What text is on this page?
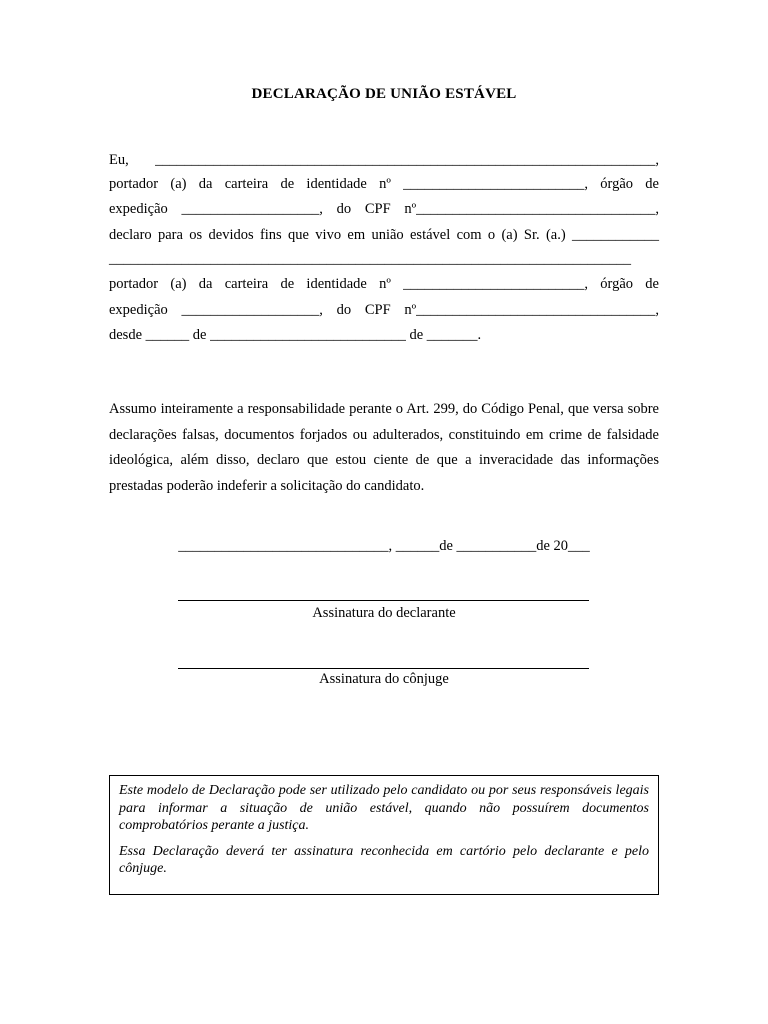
DECLARAÇÃO DE UNIÃO ESTÁVEL

Eu, _____________________________________________________________________,

portador (a) da carteira de identidade nº _________________________, órgão de

expedição ___________________, do CPF nº_________________________________,

declaro para os devidos fins que vivo em união estável com o (a) Sr. (a.) ____________

________________________________________________________________________

portador (a) da carteira de identidade nº _________________________, órgão de

expedição ___________________, do CPF nº_________________________________,

desde ______ de ___________________________ de _______.

Assumo inteiramente a responsabilidade perante o Art. 299, do Código Penal, que versa sobre declarações falsas, documentos forjados ou adulterados, constituindo em crime de falsidade ideológica, além disso, declaro que estou ciente de que a inveracidade das informações prestadas poderão indeferir a solicitação do candidato.

_____________________________, ______de ___________de 20___

Assinatura do declarante

Assinatura do cônjuge

Este modelo de Declaração pode ser utilizado pelo candidato ou por seus responsáveis legais para informar a situação de união estável, quando não possuírem documentos comprobatórios perante a justiça.

Essa Declaração deverá ter assinatura reconhecida em cartório pelo declarante e pelo cônjuge.
